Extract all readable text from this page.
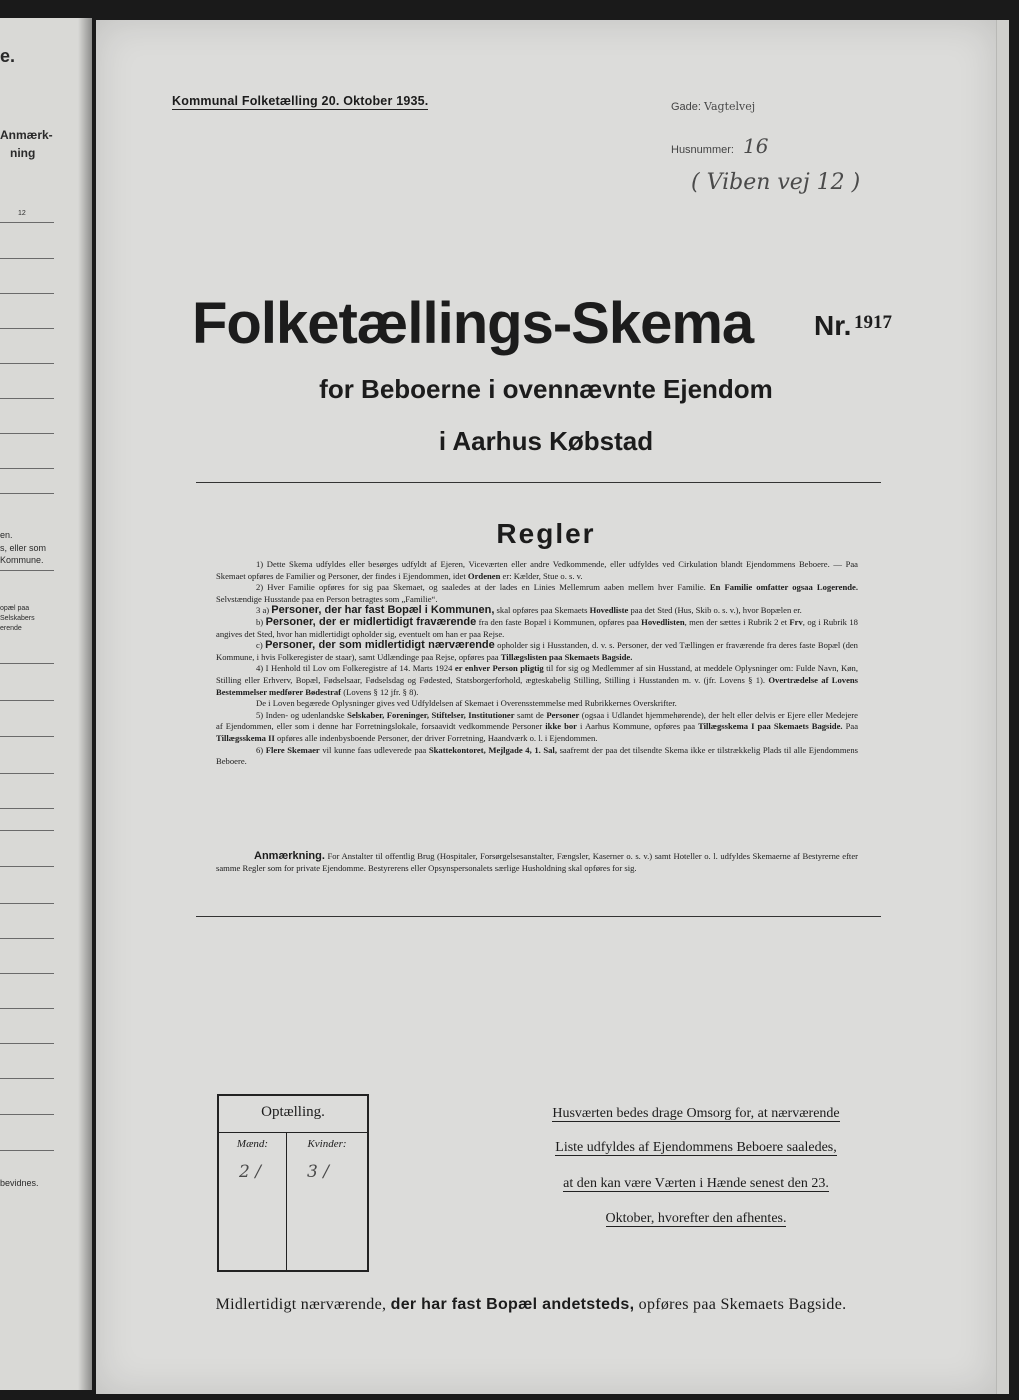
e.
Anmærk-
ning
12
en.
s, eller som
Kommune.
opæl paa
Selskabers
erende
bevidnes.
Kommunal Folketælling 20. Oktober 1935.	Gade: Vagtelvej
Husnummer: 16
( Viben vej 12 )
Folketællings-Skema Nr. 1917
for Beboerne i ovennævnte Ejendom
i Aarhus Købstad
Regler

1) Dette Skema udfyldes eller besørges udfyldt af Ejeren, Viceværten eller andre Vedkommende, eller udfyldes ved Cirkulation blandt Ejendommens Beboere. — Paa Skemaet opføres de Familier og Personer, der findes i Ejendommen, idet Ordenen er: Kælder, Stue o. s. v.

2) Hver Familie opføres for sig paa Skemaet, og saaledes at der lades en Linies Mellemrum aaben mellem hver Familie. En Familie omfatter ogsaa Logerende. Selvstændige Husstande paa en Person betragtes som „Familie“.

3 a) Personer, der har fast Bopæl i Kommunen, skal opføres paa Skemaets Hovedliste paa det Sted (Hus, Skib o. s. v.), hvor Bopælen er.

b) Personer, der er midlertidigt fraværende fra den faste Bopæl i Kommunen, opføres paa Hovedlisten, men der sættes i Rubrik 2 et Frv, og i Rubrik 18 angives det Sted, hvor han midlertidigt opholder sig, eventuelt om han er paa Rejse.

c) Personer, der som midlertidigt nærværende opholder sig i Husstanden, d. v. s. Personer, der ved Tællingen er fraværende fra deres faste Bopæl (den Kommune, i hvis Folkeregister de staar), samt Udlændinge paa Rejse, opføres paa Tillægslisten paa Skemaets Bagside.

4) I Henhold til Lov om Folkeregistre af 14. Marts 1924 er enhver Person pligtig til for sig og Medlemmer af sin Husstand, at meddele Oplysninger om: Fulde Navn, Køn, Stilling eller Erhverv, Bopæl, Fødselsaar, Fødselsdag og Fødested, Statsborgerforhold, ægteskabelig Stilling, Stilling i Husstanden m. v. (jfr. Lovens § 1). Overtrædelse af Lovens Bestemmelser medfører Bødestraf (Lovens § 12 jfr. § 8).

De i Loven begærede Oplysninger gives ved Udfyldelsen af Skemaet i Overensstemmelse med Rubrikkernes Overskrifter.

5) Inden- og udenlandske Selskaber, Foreninger, Stiftelser, Institutioner samt de Personer (ogsaa i Udlandet hjemmehørende), der helt eller delvis er Ejere eller Medejere af Ejendommen, eller som i denne har Forretningslokale, forsaavidt vedkommende Personer ikke bor i Aarhus Kommune, opføres paa Tillægsskema I paa Skemaets Bagside. Paa Tillægsskema II opføres alle indenbysboende Personer, der driver Forretning, Haandværk o. l. i Ejendommen.

6) Flere Skemaer vil kunne faas udleverede paa Skattekontoret, Mejlgade 4, 1. Sal, saafremt der paa det tilsendte Skema ikke er tilstrækkelig Plads til alle Ejendommens Beboere.

Anmærkning. For Anstalter til offentlig Brug (Hospitaler, Forsørgelsesanstalter, Fængsler, Kaserner o. s. v.) samt Hoteller o. l. udfyldes Skemaerne af Bestyrerne efter samme Regler som for private Ejendomme. Bestyrerens eller Opsynspersonalets særlige Husholdning skal opføres for sig.

Optælling.
Mænd:	Kvinder:
2 /	3 /
Husværten bedes drage Omsorg for, at nærværende
Liste udfyldes af Ejendommens Beboere saaledes,
at den kan være Værten i Hænde senest den 23.
Oktober, hvorefter den afhentes.
Midlertidigt nærværende, der har fast Bopæl andetsteds, opføres paa Skemaets Bagside.
